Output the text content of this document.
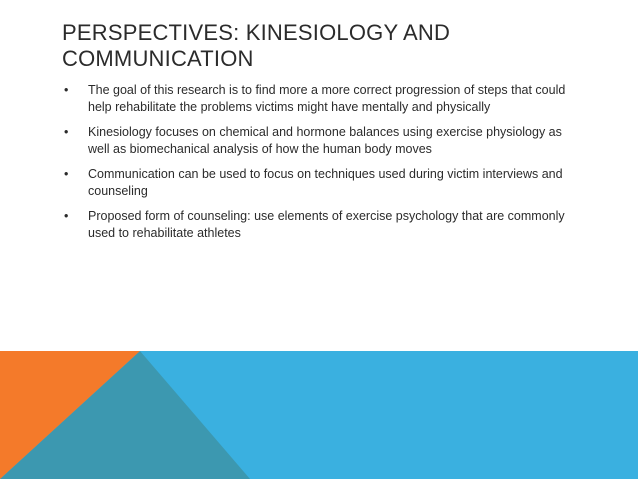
PERSPECTIVES: KINESIOLOGY AND
COMMUNICATION
• The goal of this research is to find more a more correct progression of steps that could help rehabilitate the problems victims might have mentally and physically
• Kinesiology focuses on chemical and hormone balances using exercise physiology as well as biomechanical analysis of how the human body moves
• Communication can be used to focus on techniques used during victim interviews and counseling
• Proposed form of counseling: use elements of exercise psychology that are commonly used to rehabilitate athletes
